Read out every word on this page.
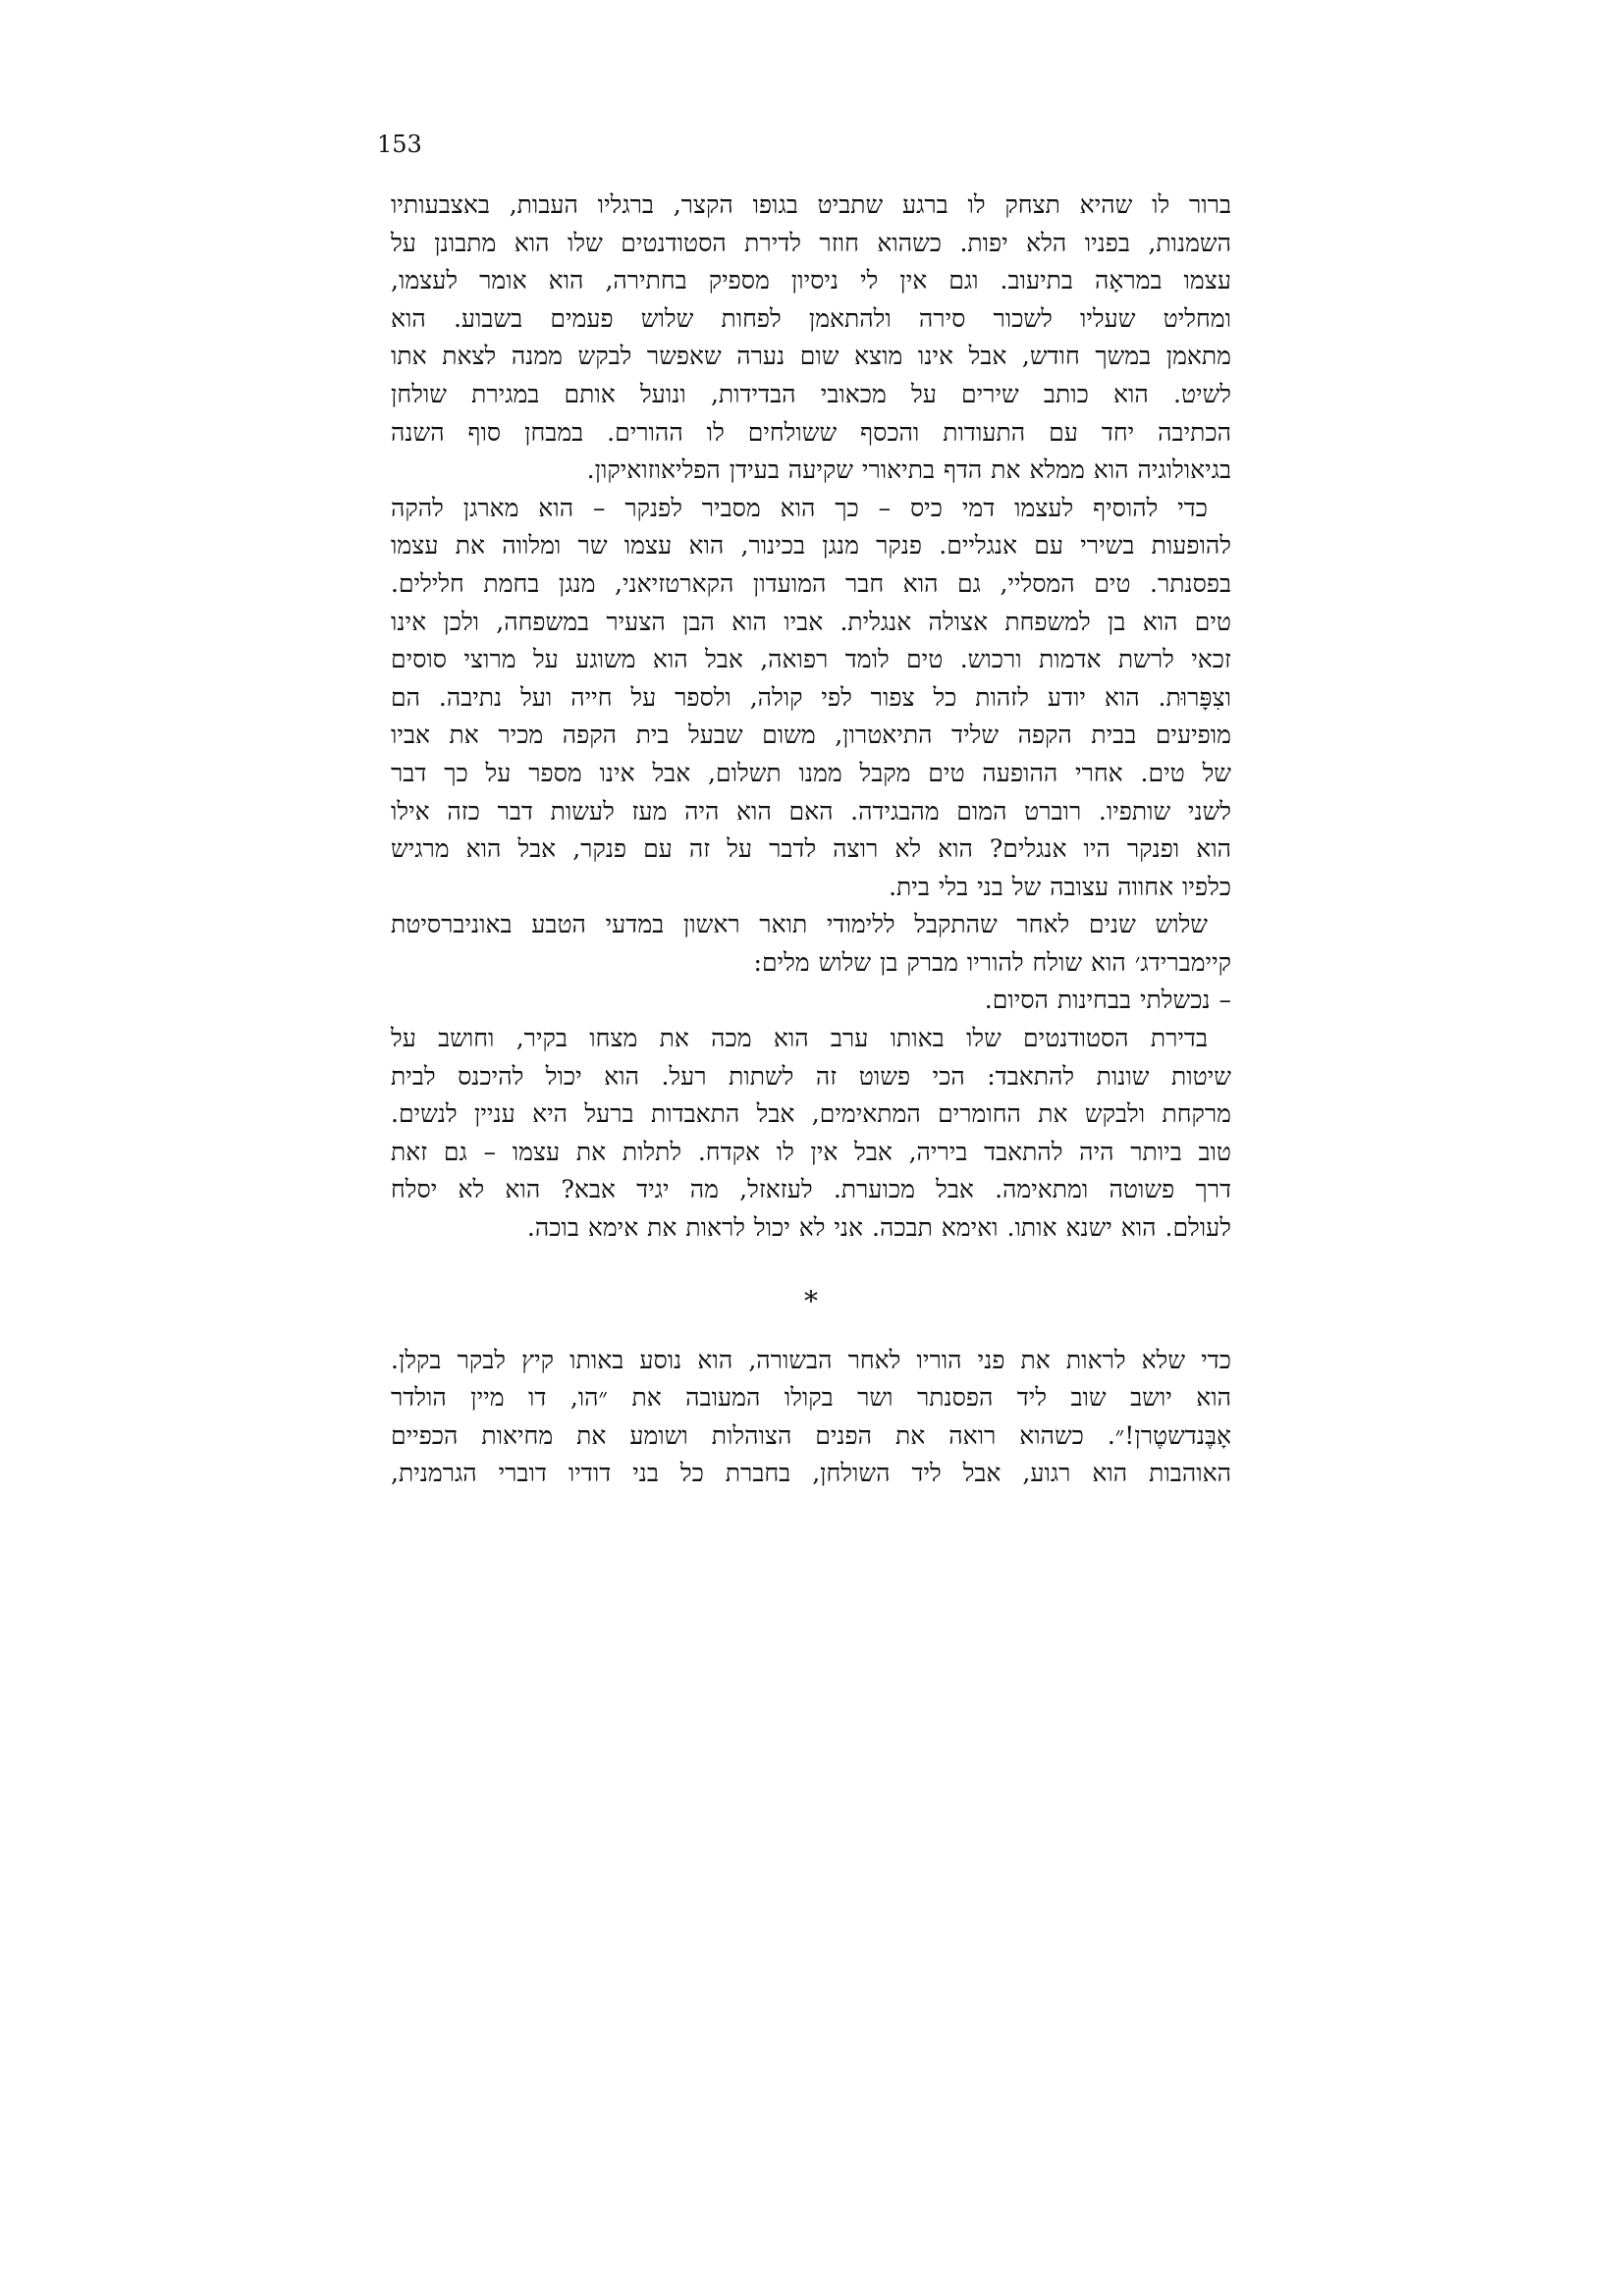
153
ברור לו שהיא תצחק לו ברגע שתביט בגופו הקצר, ברגליו העבות, באצבעותיו
השמנות, בפניו הלא יפות. כשהוא חוזר לדירת הסטודנטים שלו הוא מתבונן על
עצמו במראָה בתיעוב. וגם אין לי ניסיון מספיק בחתירה, הוא אומר לעצמו,
ומחליט שעליו לשכור סירה ולהתאמן לפחות שלוש פעמים בשבוע. הוא
מתאמן במשך חודש, אבל אינו מוצא שום נערה שאפשר לבקש ממנה לצאת אתו
לשיט. הוא כותב שירים על מכאובי הבדידות, ונועל אותם במגירת שולחן
הכתיבה יחד עם התעודות והכסף ששולחים לו ההורים. במבחן סוף השנה
בגיאולוגיה הוא ממלא את הדף בתיאורי שקיעה בעידן הפליאוזואיקון.
כדי להוסיף לעצמו דמי כיס – כך הוא מסביר לפנקר – הוא מארגן להקה
להופעות בשירי עם אנגליים. פנקר מנגן בכינור, הוא עצמו שר ומלווה את עצמו
בפסנתר. טים המסליי, גם הוא חבר המועדון הקארטזיאני, מנגן בחמת חלילים.
טים הוא בן למשפחת אצולה אנגלית. אביו הוא הבן הצעיר במשפחה, ולכן אינו
זכאי לרשת אדמות ורכוש. טים לומד רפואה, אבל הוא משוגע על מרוצי סוסים
וצִפָּרוּת. הוא יודע לזהות כל צפור לפי קולה, ולספר על חייה ועל נתיבה. הם
מופיעים בבית הקפה שליד התיאטרון, משום שבעל בית הקפה מכיר את אביו
של טים. אחרי ההופעה טים מקבל ממנו תשלום, אבל אינו מספר על כך דבר
לשני שותפיו. רוברט המום מהבגידה. האם הוא היה מעז לעשות דבר כזה אילו
הוא ופנקר היו אנגלים? הוא לא רוצה לדבר על זה עם פנקר, אבל הוא מרגיש
כלפיו אחווה עצובה של בני בלי בית.
שלוש שנים לאחר שהתקבל ללימודי תואר ראשון במדעי הטבע באוניברסיטת
קיימברידג׳ הוא שולח להוריו מברק בן שלוש מלים:
– נכשלתי בבחינות הסיום.
בדירת הסטודנטים שלו באותו ערב הוא מכה את מצחו בקיר, וחושב על
שיטות שונות להתאבד: הכי פשוט זה לשתות רעל. הוא יכול להיכנס לבית
מרקחת ולבקש את החומרים המתאימים, אבל התאבדות ברעל היא עניין לנשים.
טוב ביותר היה להתאבד ביריה, אבל אין לו אקדח. לתלות את עצמו – גם זאת
דרך פשוטה ומתאימה. אבל מכוערת. לעזאזל, מה יגיד אבא? הוא לא יסלח
לעולם. הוא ישנא אותו. ואימא תבכה. אני לא יכול לראות את אימא בוכה.
*
כדי שלא לראות את פני הוריו לאחר הבשורה, הוא נוסע באותו קיץ לבקר בקלן.
הוא יושב שוב ליד הפסנתר ושר בקולו המעובה את ״הו, דו מיין הולדר
אָבֶּנדשטֶרן!״. כשהוא רואה את הפנים הצוהלות ושומע את מחיאות הכפיים
האוהבות הוא רגוע, אבל ליד השולחן, בחברת כל בני דודיו דוברי הגרמנית,
